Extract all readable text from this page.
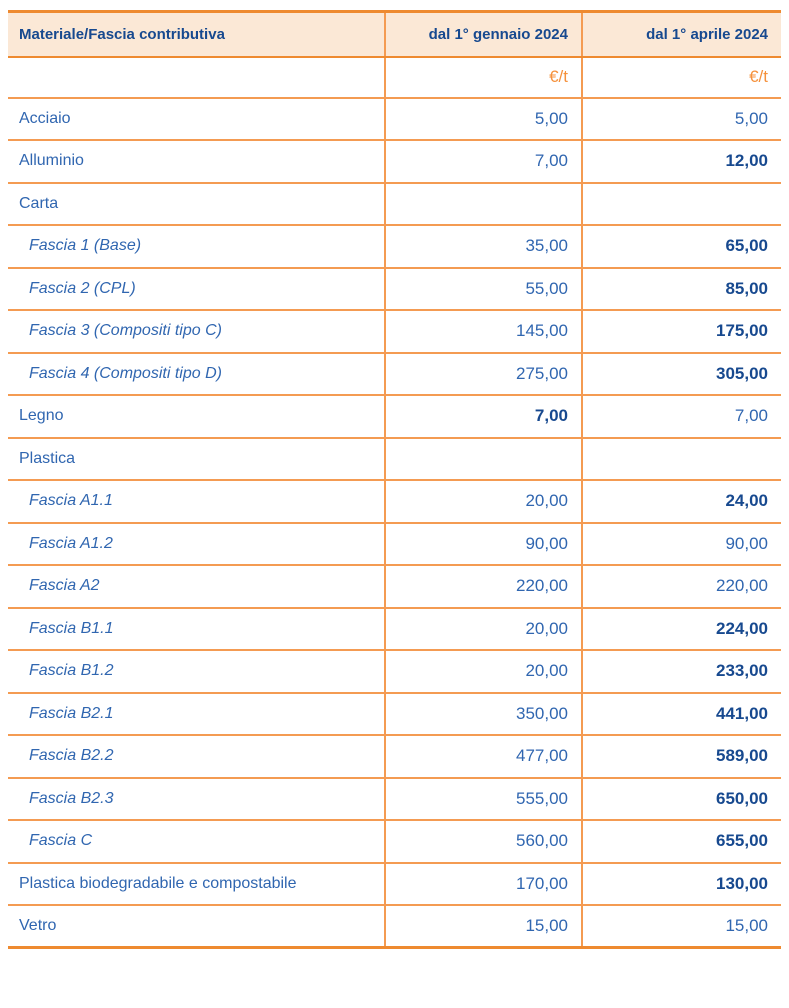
Materiale/Fascia contributiva	dal 1° gennaio 2024	dal 1° aprile 2024
	€/t	€/t
Acciaio	5,00	5,00
Alluminio	7,00	12,00
Carta		
Fascia 1 (Base)	35,00	65,00
Fascia 2 (CPL)	55,00	85,00
Fascia 3 (Compositi tipo C)	145,00	175,00
Fascia 4 (Compositi tipo D)	275,00	305,00
Legno	7,00	7,00
Plastica		
Fascia A1.1	20,00	24,00
Fascia A1.2	90,00	90,00
Fascia A2	220,00	220,00
Fascia B1.1	20,00	224,00
Fascia B1.2	20,00	233,00
Fascia B2.1	350,00	441,00
Fascia B2.2	477,00	589,00
Fascia B2.3	555,00	650,00
Fascia C	560,00	655,00
Plastica biodegradabile e compostabile	170,00	130,00
Vetro	15,00	15,00
